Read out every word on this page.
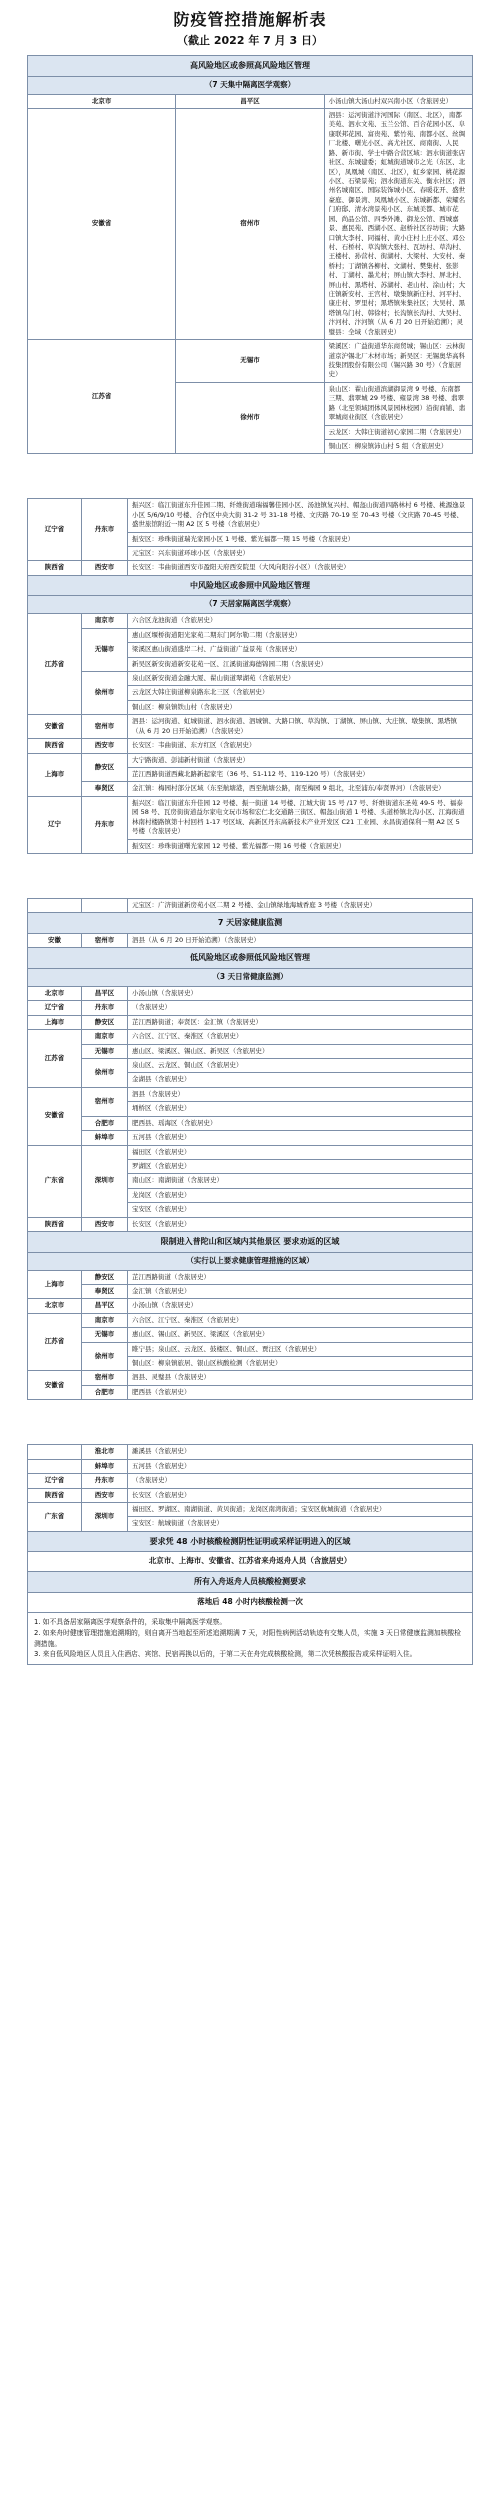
防疫管控措施解析表
（截止 2022 年 7 月 3 日）
高风险地区或参照高风险地区管理		
（7 天集中隔离医学观察）		
北京市	昌平区	小汤山镇大汤山村双兴南小区（含旅居史）
安徽省	宿州市	泗县：运河街道汴河国际（南区、北区），南都美苑、泗水文苑、玉兰公馆、百合花园小区、阜康联邦花园、富贵苑、紫竹苑、南都小区、丝绸厂北楼、曙光小区、高尤社区、商南街、人民路、新市街、学士中路合营区域：泗水街道张店社区、东城建委；虹城街道城市之光（东区、北区），凤凰城（南区、北区），虹乡家园、桃花源小区、石梁景苑；泗水街道东关、衡水社区；泗州名城南区、国际装饰城小区、春暖花开、盛世豪庭、御景湾、凤凰城小区、东城新都、荣耀名门府邸、清水湾景苑小区、东城美都、城市花园、尚品公馆、四季外滩、御龙公馆、西城嘉景、惠民苑、西湖小区、赵桥社区谷坊街；大路口镇大李村、同福村、黄小庄村上庄小区、邓公村、石桥村、草沟镇大张村、瓦坊村、草沟村、王楼村、孙营村、街湖村、大梁村、大安村、秦桥村；丁湖镇各柳村、文湖村、樊集村、张影村、丁湖村、墨尤村；屏山镇大李村、屏北村、屏山村、黑塔村、苏湖村、老山村、涂山村；大庄镇新安村、王宫村、墩集镇新庄村、河平村、康庄村、罗里村；黑塔镇朱集社区；大吴村、黑塔镇乌门村、韩徐村；长沟镇长沟村、大吴村、汴河村、汴河镇（从 6 月 20 日开始追溯）；灵璧县：全域（含旅居史）
江苏省	无锡市	梁溪区：广益街道华东商贸城；锡山区：云林街道京沪锡北厂木材市场；新吴区：无锡奥华高科技集团股份有限公司（锡兴路 30 号）（含旅居史）
	徐州市	泉山区：翟山街道滨湖御景湾 9 号楼、东南都 三期、翡翠城 29 号楼、雍景湾 38 号楼、翡翠路（北至领域团体风景园林校园）沿街商铺、翡翠城商业街区（含旅居史）
		云龙区：大韩庄街道初心家园二期（含旅居史）
		铜山区：柳泉镇沛山村 5 组（含旅居史）
辽宁省	丹东市	振兴区：临江街道东升佳园二期、纤维街道瑞福馨佳园小区、汤池镇复兴村、帽盔山街道四路林村 6 号楼、桃源逸景小区 5/6/9/10 号楼、合作区中央大街 31-2 号 31-18 号楼、文庆路 70-19 至 70-43 号楼（文庆路 70-45 号楼、盛世旅馆附近一期 A2 区 5 号楼（含旅居史）
		振安区：珍珠街道瑞光家园小区 1 号楼、紫光福都一期 15 号楼（含旅居史）
		元宝区：兴东街道环球小区（含旅居史）
陕西省	西安市	长安区：韦曲街道西安市盈阳天府西安院里（大风向阳谷小区）（含旅居史）
中风险地区或参照中风险地区管理		
（7 天居家隔离医学观察）		
江苏省	南京市	六合区龙池街道（含旅居史）
	无锡市	惠山区堰桥街道阳光家苑二期东门阿尔勒二期（含旅居史）
		梁溪区惠山街道盛岸二村、广益街道广益景苑（含旅居史）
		新吴区新安街道新安花苑一区、江溪街道海德锦园二期（含旅居史）
	徐州市	泉山区新安街道金融大厦、翟山街道翠湖苑（含旅居史）
		云龙区大韩庄街道柳泉路东北三区（含旅居史）
		铜山区：柳泉镇铁山村（含旅居史）
安徽省	宿州市	泗县：运河街道、虹城街道、泗水街道、泗城镇、大路口镇、草沟镇、丁湖镇、屏山镇、大庄镇、墩集镇、黑塔镇（从 6 月 20 日开始追溯）（含旅居史）
陕西省	西安市	长安区：韦曲街道、东方红区（含旅居史）
上海市	静安区	大宁路街道、彭浦新村街道（含旅居史）
		芷江西路街道西藏北路新起家宅（36 号、51-112 号、119-120 号）（含旅居史）
	奉贤区	金汇镇：梅园村部分区域（东至航塘港，西至航塘公路，南至梅园 9 组北，北至浦东/奉贤界河）（含旅居史）
辽宁	丹东市	振兴区：临江街道东升佳园 12 号楼、振一街道 14 号楼、江城大街 15 号 /17 号、纤维街道东圣苑 49-5 号、福泰园 58 号、瓦房街街道益尔家电文玩市场和宏仁北交通路三街区、帽盔山街道 1 号楼、头道桥镇北沟小区、江海街道林南村楼路镇第十村回档 1-17 号区域、高新区丹东高新技术产业开发区 C21 工业园、永昌街道保利一期 A2 区 5 号楼（含旅居史）
		振安区：珍珠街道曙光家园 12 号楼、紫光福都一期 16 号楼（含旅居史）
		元宝区：广济街道新房苑小区二期 2 号楼、金山镇绿地海城香庭 3 号楼（含旅居史）
7 天居家健康监测		
安徽	宿州市	泗县（从 6 月 20 日开始追溯）（含旅居史）
低风险地区或参照低风险地区管理		
（3 天日常健康监测）		
北京市	昌平区	小汤山镇（含旅居史）
辽宁省	丹东市	（含旅居史）
上海市	静安区	芷江西路街道；奉贤区：金汇镇（含旅居史）
江苏省	南京市	六合区、江宁区、秦淮区（含旅居史）
	无锡市	惠山区、梁溪区、锡山区、新吴区（含旅居史）
	徐州市	泉山区、云龙区、铜山区（含旅居史）
		金湖县（含旅居史）
安徽省	宿州市	泗县（含旅居史）
		埇桥区（含旅居史）
	合肥市	肥西县、瑶海区（含旅居史）
	蚌埠市	五河县（含旅居史）
广东省	深圳市	福田区（含旅居史）
		罗湖区（含旅居史）
		南山区：南湖街道（含旅居史）
		龙岗区（含旅居史）
		宝安区（含旅居史）
陕西省	西安市	长安区（含旅居史）
限制进入普陀山和区域内其他景区 要求劝返的区域		
（实行以上要求健康管理措施的区域）		
上海市	静安区	芷江西路街道（含旅居史）
	奉贤区	金汇镇（含旅居史）
北京市	昌平区	小汤山镇（含旅居史）
江苏省	南京市	六合区、江宁区、秦淮区（含旅居史）
	无锡市	惠山区、锡山区、新吴区、梁溪区（含旅居史）
	徐州市	睢宁县；泉山区、云龙区、鼓楼区、铜山区、贾汪区（含旅居史）
		铜山区：柳泉镇旅居、银山区核酸检测（含旅居史）
安徽省	宿州市	泗县、灵璧县（含旅居史）
	合肥市	肥西县（含旅居史）
	淮北市	濉溪县（含旅居史）
	蚌埠市	五河县（含旅居史）
辽宁省	丹东市	（含旅居史）
陕西省	西安市	长安区（含旅居史）
广东省	深圳市	福田区、罗湖区、南湖街道、黄贝街道；龙岗区南湾街道；宝安区航城街道（含旅居史）
		宝安区：航城街道（含旅居史）
要求凭 48 小时核酸检测阴性证明或采样证明进入的区域		
北京市、上海市、安徽省、江苏省来舟返舟人员（含旅居史）		
所有入舟返舟人员核酸检测要求		
落地后 48 小时内核酸检测一次		

1. 如不具备居家隔离医学观察条件的，采取集中隔离医学观察。
2. 如来舟时健康管理措施追溯期的，则自离开当地起至所述追溯期满 7 天，对阳性病例活动轨迹有交集人员，实施 3 天日常健康监测加核酸检测措施。
3. 来自低风险地区人员且入住酒店、宾馆、民宿再换以后的，于第二天在舟完成核酸检测，第二次凭核酸报告或采样证明入住。		
